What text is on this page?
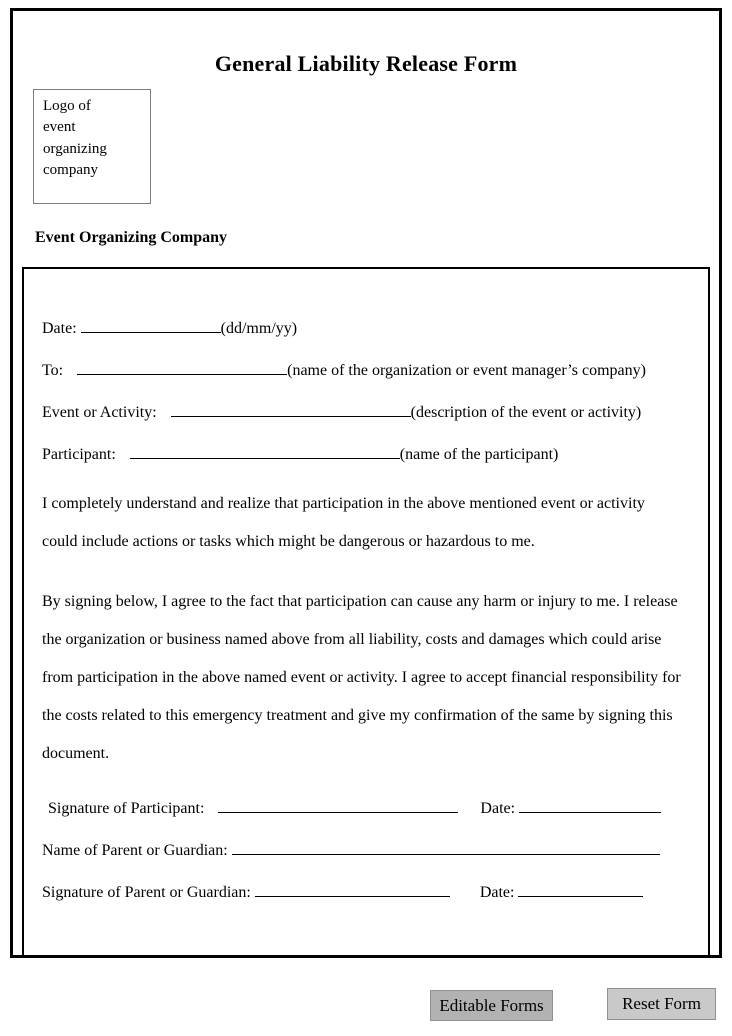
General Liability Release Form
Logo of event organizing company
Event Organizing Company
Date:	(dd/mm/yy)
To:	(name of the organization or event manager’s company)
Event or Activity:	(description of the event or activity)
Participant:	(name of the participant)

I completely understand and realize that participation in the above mentioned event or activity could include actions or tasks which might be dangerous or hazardous to me.

By signing below, I agree to the fact that participation can cause any harm or injury to me. I release the organization or business named above from all liability, costs and damages which could arise from participation in the above named event or activity. I agree to accept financial responsibility for the costs related to this emergency treatment and give my confirmation of the same by signing this document.

Signature of Participant:	Date:
Name of Parent or Guardian:
Signature of Parent or Guardian:	Date:
Editable Forms	Reset Form
